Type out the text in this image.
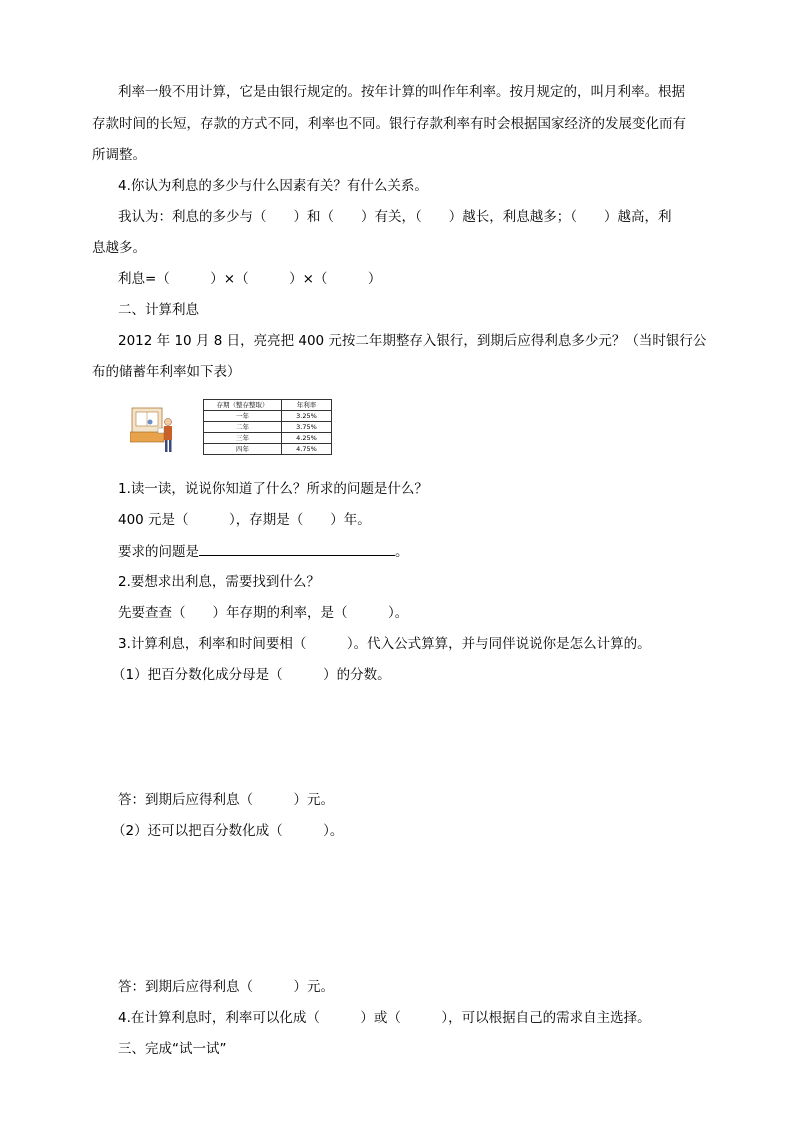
利率一般不用计算，它是由银行规定的。按年计算的叫作年利率。按月规定的，叫月利率。根据
存款时间的长短，存款的方式不同，利率也不同。银行存款利率有时会根据国家经济的发展变化而有
所调整。
4.你认为利息的多少与什么因素有关？有什么关系。
我认为：利息的多少与（　　）和（　　）有关，（　　）越长，利息越多；（　　）越高，利
息越多。
利息=（　　　）×（　　　）×（　　　）
二、计算利息
2012 年 10 月 8 日，亮亮把 400 元按二年期整存入银行，到期后应得利息多少元？（当时银行公
布的储蓄年利率如下表）
存期（整存整取）	年利率
一年	3.25%
二年	3.75%
三年	4.25%
四年	4.75%
1.读一读，说说你知道了什么？所求的问题是什么？
400 元是（　　　），存期是（　　）年。
要求的问题是	。
2.要想求出利息，需要找到什么？
先要查查（　　）年存期的利率，是（　　　）。
3.计算利息，利率和时间要相（　　　）。代入公式算算，并与同伴说说你是怎么计算的。
（1）把百分数化成分母是（　　　）的分数。
答：到期后应得利息（　　　）元。
（2）还可以把百分数化成（　　　）。
答：到期后应得利息（　　　）元。
4.在计算利息时，利率可以化成（　　　）或（　　　），可以根据自己的需求自主选择。
三、完成“试一试”
